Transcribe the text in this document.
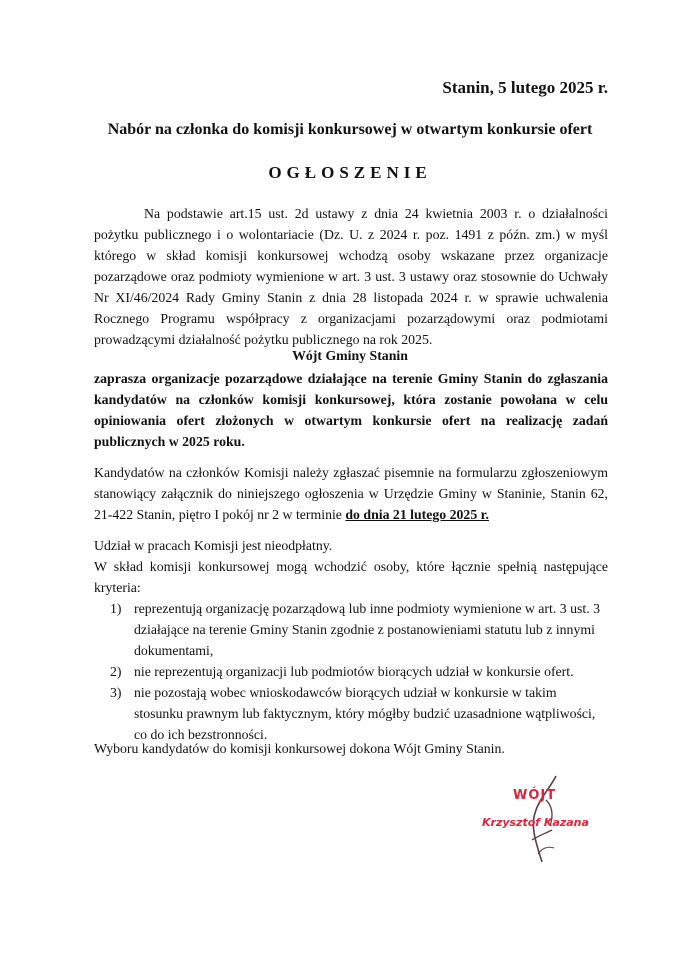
Stanin, 5 lutego 2025 r.
Nabór na członka do komisji konkursowej w otwartym konkursie ofert
OGŁOSZENIE
Na podstawie art.15 ust. 2d ustawy z dnia 24 kwietnia 2003 r. o działalności pożytku publicznego i o wolontariacie (Dz. U. z 2024 r. poz. 1491 z późn. zm.) w myśl którego w skład komisji konkursowej wchodzą osoby wskazane przez organizacje pozarządowe oraz podmioty wymienione w art. 3 ust. 3 ustawy oraz stosownie do Uchwały Nr XI/46/2024 Rady Gminy Stanin z dnia 28 listopada 2024 r. w sprawie uchwalenia Rocznego Programu współpracy z organizacjami pozarządowymi oraz podmiotami prowadzącymi działalność pożytku publicznego na rok 2025.
Wójt Gminy Stanin
zaprasza organizacje pozarządowe działające na terenie Gminy Stanin do zgłaszania kandydatów na członków komisji konkursowej, która zostanie powołana w celu opiniowania ofert złożonych w otwartym konkursie ofert na realizację zadań publicznych w 2025 roku.
Kandydatów na członków Komisji należy zgłaszać pisemnie na formularzu zgłoszeniowym stanowiący załącznik do niniejszego ogłoszenia w Urzędzie Gminy w Staninie, Stanin 62, 21-422 Stanin, piętro I pokój nr 2 w terminie do dnia 21 lutego 2025 r.
Udział w pracach Komisji jest nieodpłatny.
W skład komisji konkursowej mogą wchodzić osoby, które łącznie spełnią następujące kryteria:
1) reprezentują organizację pozarządową lub inne podmioty wymienione w art. 3 ust. 3 działające na terenie Gminy Stanin zgodnie z postanowieniami statutu lub z innymi dokumentami,
2) nie reprezentują organizacji lub podmiotów biorących udział w konkursie ofert.
3) nie pozostają wobec wnioskodawców biorących udział w konkursie w takim stosunku prawnym lub faktycznym, który mógłby budzić uzasadnione wątpliwości, co do ich bezstronności.
Wyboru kandydatów do komisji konkursowej dokona Wójt Gminy Stanin.
WÓJT
Krzysztof Kazana
